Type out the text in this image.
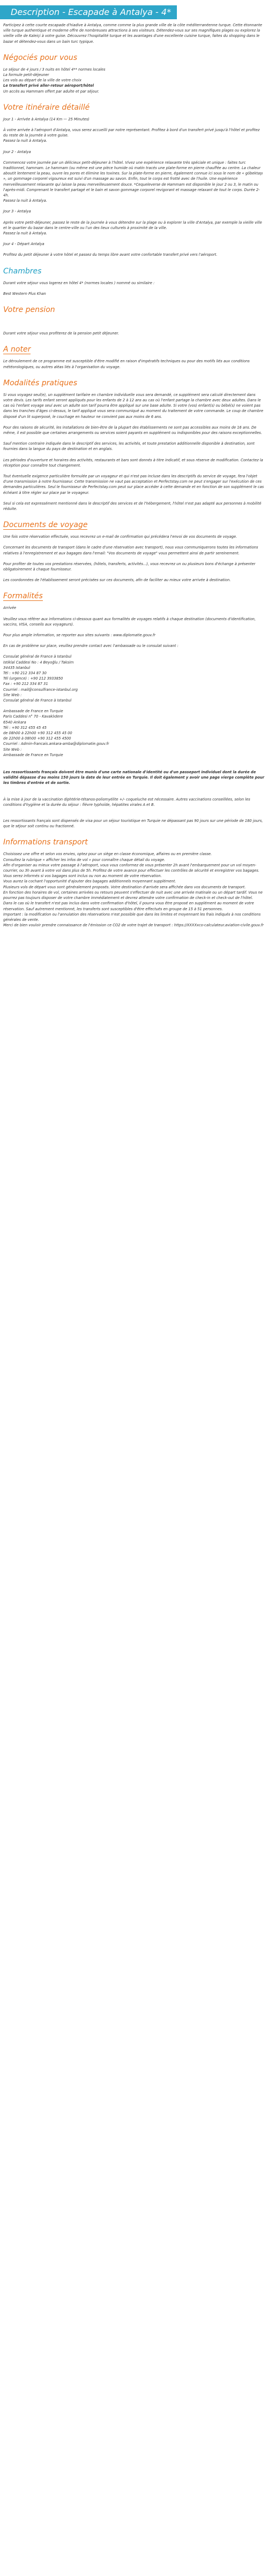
Description - Escapade à Antalya - 4*

Participez à cette courte escapade d'hiadive à Antalya, comme comme la plus grande ville de la côte méditerranéenne turque. Cette étonnante ville turque authentique et moderne offre de nombreuses attractions à ses visiteurs. Détendez-vous sur ses magnifiques plages ou explorez la vieille ville de Kaleiçi à votre guise. Découvrez l'hospitalité turque et les avantages d'une excellente cuisine turque, faites du shopping dans le bazar et détendez-vous dans un bain turc typique.

Négociés pour vous
Le séjour de 4 jours / 3 nuits en hôtel 4** normes locales
La formule petit-déjeuner
Les vols au départ de la ville de votre choix
Le transfert privé aller-retour aéroport/hôtel
Un accès au Hammam offert par adulte et par séjour.
Votre itinéraire détaillé
Jour 1 - Arrivée à Antalya (14 Km — 25 Minutes)
À votre arrivée à l'aéroport d'Antalya, vous serez accueilli par notre représentant. Profitez à bord d'un transfert privé jusqu'à l'hôtel et profitez du reste de la journée à votre guise.
Passez la nuit à Antalya.
Jour 2 - Antalya
Commencez votre journée par un délicieux petit-déjeuner à l'hôtel. Vivez une expérience relaxante très spéciale et unique : faites turc traditionnel, hammam. Le hammam (ou même est une pièce humide où matin tracés une plate-forme en pierre chauffée au centre. La chaleur aboutit lentement la peau, ouvre les pores et élimine les toxines. Sur la plate-forme en pierre, également connue ici sous le nom de « göbektaşı », un gommage corporel vigoureux est suivi d'un massage au savon. Enfin, tout le corps est frotté avec de l'huile. Une expérience merveilleusement relaxante qui laisse la peau merveilleusement douce. *Cequeleverse de Hammam est disponible le jour 2 ou 3, le matin ou l'après-midi. Comprenant le transfert partagé et le bain et savon gommage corporel revigorant et massage relaxant de tout le corps. Durée 2-4h.
Passez la nuit à Antalya.
Jour 3 - Antalya
Après votre petit-déjeuner, passez le reste de la journée à vous détendre sur la plage ou à explorer la ville d'Antalya, par exemple la vieille ville et le quartier du bazar dans le centre-ville ou l'un des lieux culturels à proximité de la ville.
Passez la nuit à Antalya.
Jour 4 - Départ Antalya
Profitez du petit déjeuner à votre hôtel et passez du temps libre avant votre confortable transfert privé vers l'aéroport.
Chambres
Durant votre séjour vous logerez en hôtel 4* (normes locales ) nommé ou similaire :
Best Western Plus Khan
Votre pension
Durant votre séjour vous profiterez de la pension petit déjeuner.
A noter
Le déroulement de ce programme est susceptible d'être modifié en raison d'impératifs techniques ou pour des motifs liés aux conditions météorologiques, ou autres aléas liés à l'organisation du voyage.
Modalités pratiques

Si vous voyagez seul(e), un supplément tarifaire en chambre individuelle vous sera demandé, ce supplément sera calculé directement dans votre devis. Les tarifs enfant seront appliqués pour les enfants de 2 à 12 ans au cas où l'enfant partage la chambre avec deux adultes. Dans le cas où l'enfant voyage seul avec un adulte son tarif pourra être appliqué sur une base adulte. Si votre (vos) enfant(s) ou bébé(s) ne voient pas dans les tranches d'âges ci-dessus, le tarif appliqué vous sera communiqué au moment du traitement de votre commande. Le coup de chambre disposé d'un lit superposé, le couchage en hauteur ne convient pas aux moins de 6 ans.

Pour des raisons de sécurité, les installations de bien-être de la plupart des établissements ne sont pas accessibles aux moins de 16 ans. De même, il est possible que certaines arrangements ou services soient payants en supplément ou indisponibles pour des raisons exceptionnelles.

Sauf mention contraire indiquée dans le descriptif des services, les activités, et toute prestation additionnelle disponible à destination, sont fournies dans la langue du pays de destination et en anglais.

Les périodes d'ouverture et horaires des activités, restaurants et bars sont donnés à titre indicatif, et sous réserve de modification. Contactez la réception pour connaître tout changement.

Tout éventuelle exigence particulière formulée par un voyageur et qui n'est pas incluse dans les descriptifs du service de voyage, fera l'objet d'une transmission à notre fournisseur. Cette transmission ne vaut pas acceptation et Perfectstay.com ne peut s'engager sur l'exécution de ces demandes particulières. Seul le fournisseur de Perfectstay.com peut sur place accéder à cette demande et en fonction de son supplément le cas échéant à titre régler sur place par le voyageur.

Seul si cela est expressément mentionné dans le descriptif des services et de l'hébergement, l'hôtel n'est pas adapté aux personnes à mobilité réduite.

Documents de voyage

Une fois votre réservation effectuée, vous recevrez un e-mail de confirmation qui précédera l'envoi de vos documents de voyage.

Concernant les documents de transport (dans le cadre d'une réservation avec transport), nous vous communiquerons toutes les informations relatives à l'enregistrement et aux bagages dans l'email: "Vos documents de voyage" vous permettent ainsi de partir sereinement.

Pour profiter de toutes vos prestations réservées, (hôtels, transferts, activités...), vous recevrez un ou plusieurs bons d'échange à présenter obligatoirement à chaque fournisseur.

Les coordonnées de l'établissement seront précisées sur ces documents, afin de faciliter au mieux votre arrivée à destination.

Formalités

Arrivée

Veuillez vous référer aux informations ci-dessous quant aux formalités de voyages relatifs à chaque destination (documents d'identification, vaccins, VISA, conseils aux voyageurs).

Pour plus ample information, se reporter aux sites suivants : www.diplomatie.gouv.fr

En cas de problème sur place, veuillez prendre contact avec l'ambassade ou le consulat suivant :

Consulat général de France à Istanbul
Istiklal Caddesi No : 4 Beyoğlu / Taksim
34435 Istanbul
Tél : +90 212 334 87 30
Tél (urgence) : +90 212 3933850
Fax : +90 212 334 87 31
Courriel : mail@consulfrance-istanbul.org
Site Web :
Consulat général de France à Istanbul
Ambassade de France en Turquie
Paris Caddesi n° 70 - Kavaklıdere
6540 Ankara
Tél : +90 312 455 45 45
de 08h00 à 22h00 +90 312 455 45 00
de 22h00 à 08h00 +90 312 455 4500
Courriel : Admin-francais.ankara-amba@diplomatie.gouv.fr
Site Web :
Ambassade de France en Turquie

Les ressortissants français doivent être munis d'une carte nationale d'identité ou d'un passeport individuel dont la durée de validité dépasse d'au moins 150 jours la date de leur entrée en Turquie. Il doit également y avoir une page vierge complète pour les timbres d'entrée et de sortie.

À la mise à jour de la vaccination diphtérie-tétanos-poliomyélite +/- coqueluche est nécessaire. Autres vaccinations conseillées, selon les conditions d'hygiène et la durée du séjour : fièvre typhoïde, hépatites virales A et B.

Les ressortissants français sont dispensés de visa pour un séjour touristique en Turquie ne dépassant pas 90 jours sur une période de 180 jours, que le séjour soit continu ou fractionné.

Informations transport
Choisissez une offre et selon vos envies, optez pour un siège en classe économique, affaires ou en première classe.
Consultez la rubrique « afficher les infos de vol » pour connaître chaque détail du voyage.
Afin d'organiser au mieux votre passage à l'aéroport, vous vous conformez de vous présenter 2h avant l'embarquement pour un vol moyen-courrier, ou 3h avant à votre vol dans plus de 5h. Profitez de votre avance pour effectuer les contrôles de sécurité et enregistrer vos bagages.
Vous serez informés si vos bagages sont inclus ou non au moment de votre réservation.
Vous aurez la cochant l'opportunité d'ajouter des bagages additionnels moyennant supplément.
Plusieurs vols de départ vous sont généralement proposés. Votre destination d'arrivée sera affichée dans vos documents de transport.
En fonction des horaires de vol, certaines arrivées ou retours peuvent s'effectuer de nuit avec une arrivée matinale ou un départ tardif. Vous ne pourrez pas toujours disposer de votre chambre immédiatement et devrez attendre votre confirmation de check-in et check-out de l'hôtel.
Dans le cas où le transfert n'est pas inclus dans votre confirmation d'hôtel, il pourra vous être proposé en supplément au moment de votre réservation. Sauf autrement mentionné, les transferts sont susceptibles d'être effectués en groupe de 15 à 51 personnes.
Important : la modification ou l'annulation des réservations n'est possible que dans les limites et moyennant les frais indiqués à nos conditions générales de vente.
Merci de bien vouloir prendre connaissance de l'émission ce CO2 de votre trajet de transport : https://XXXXxco-calculateur.aviation-civile.gouv.fr
